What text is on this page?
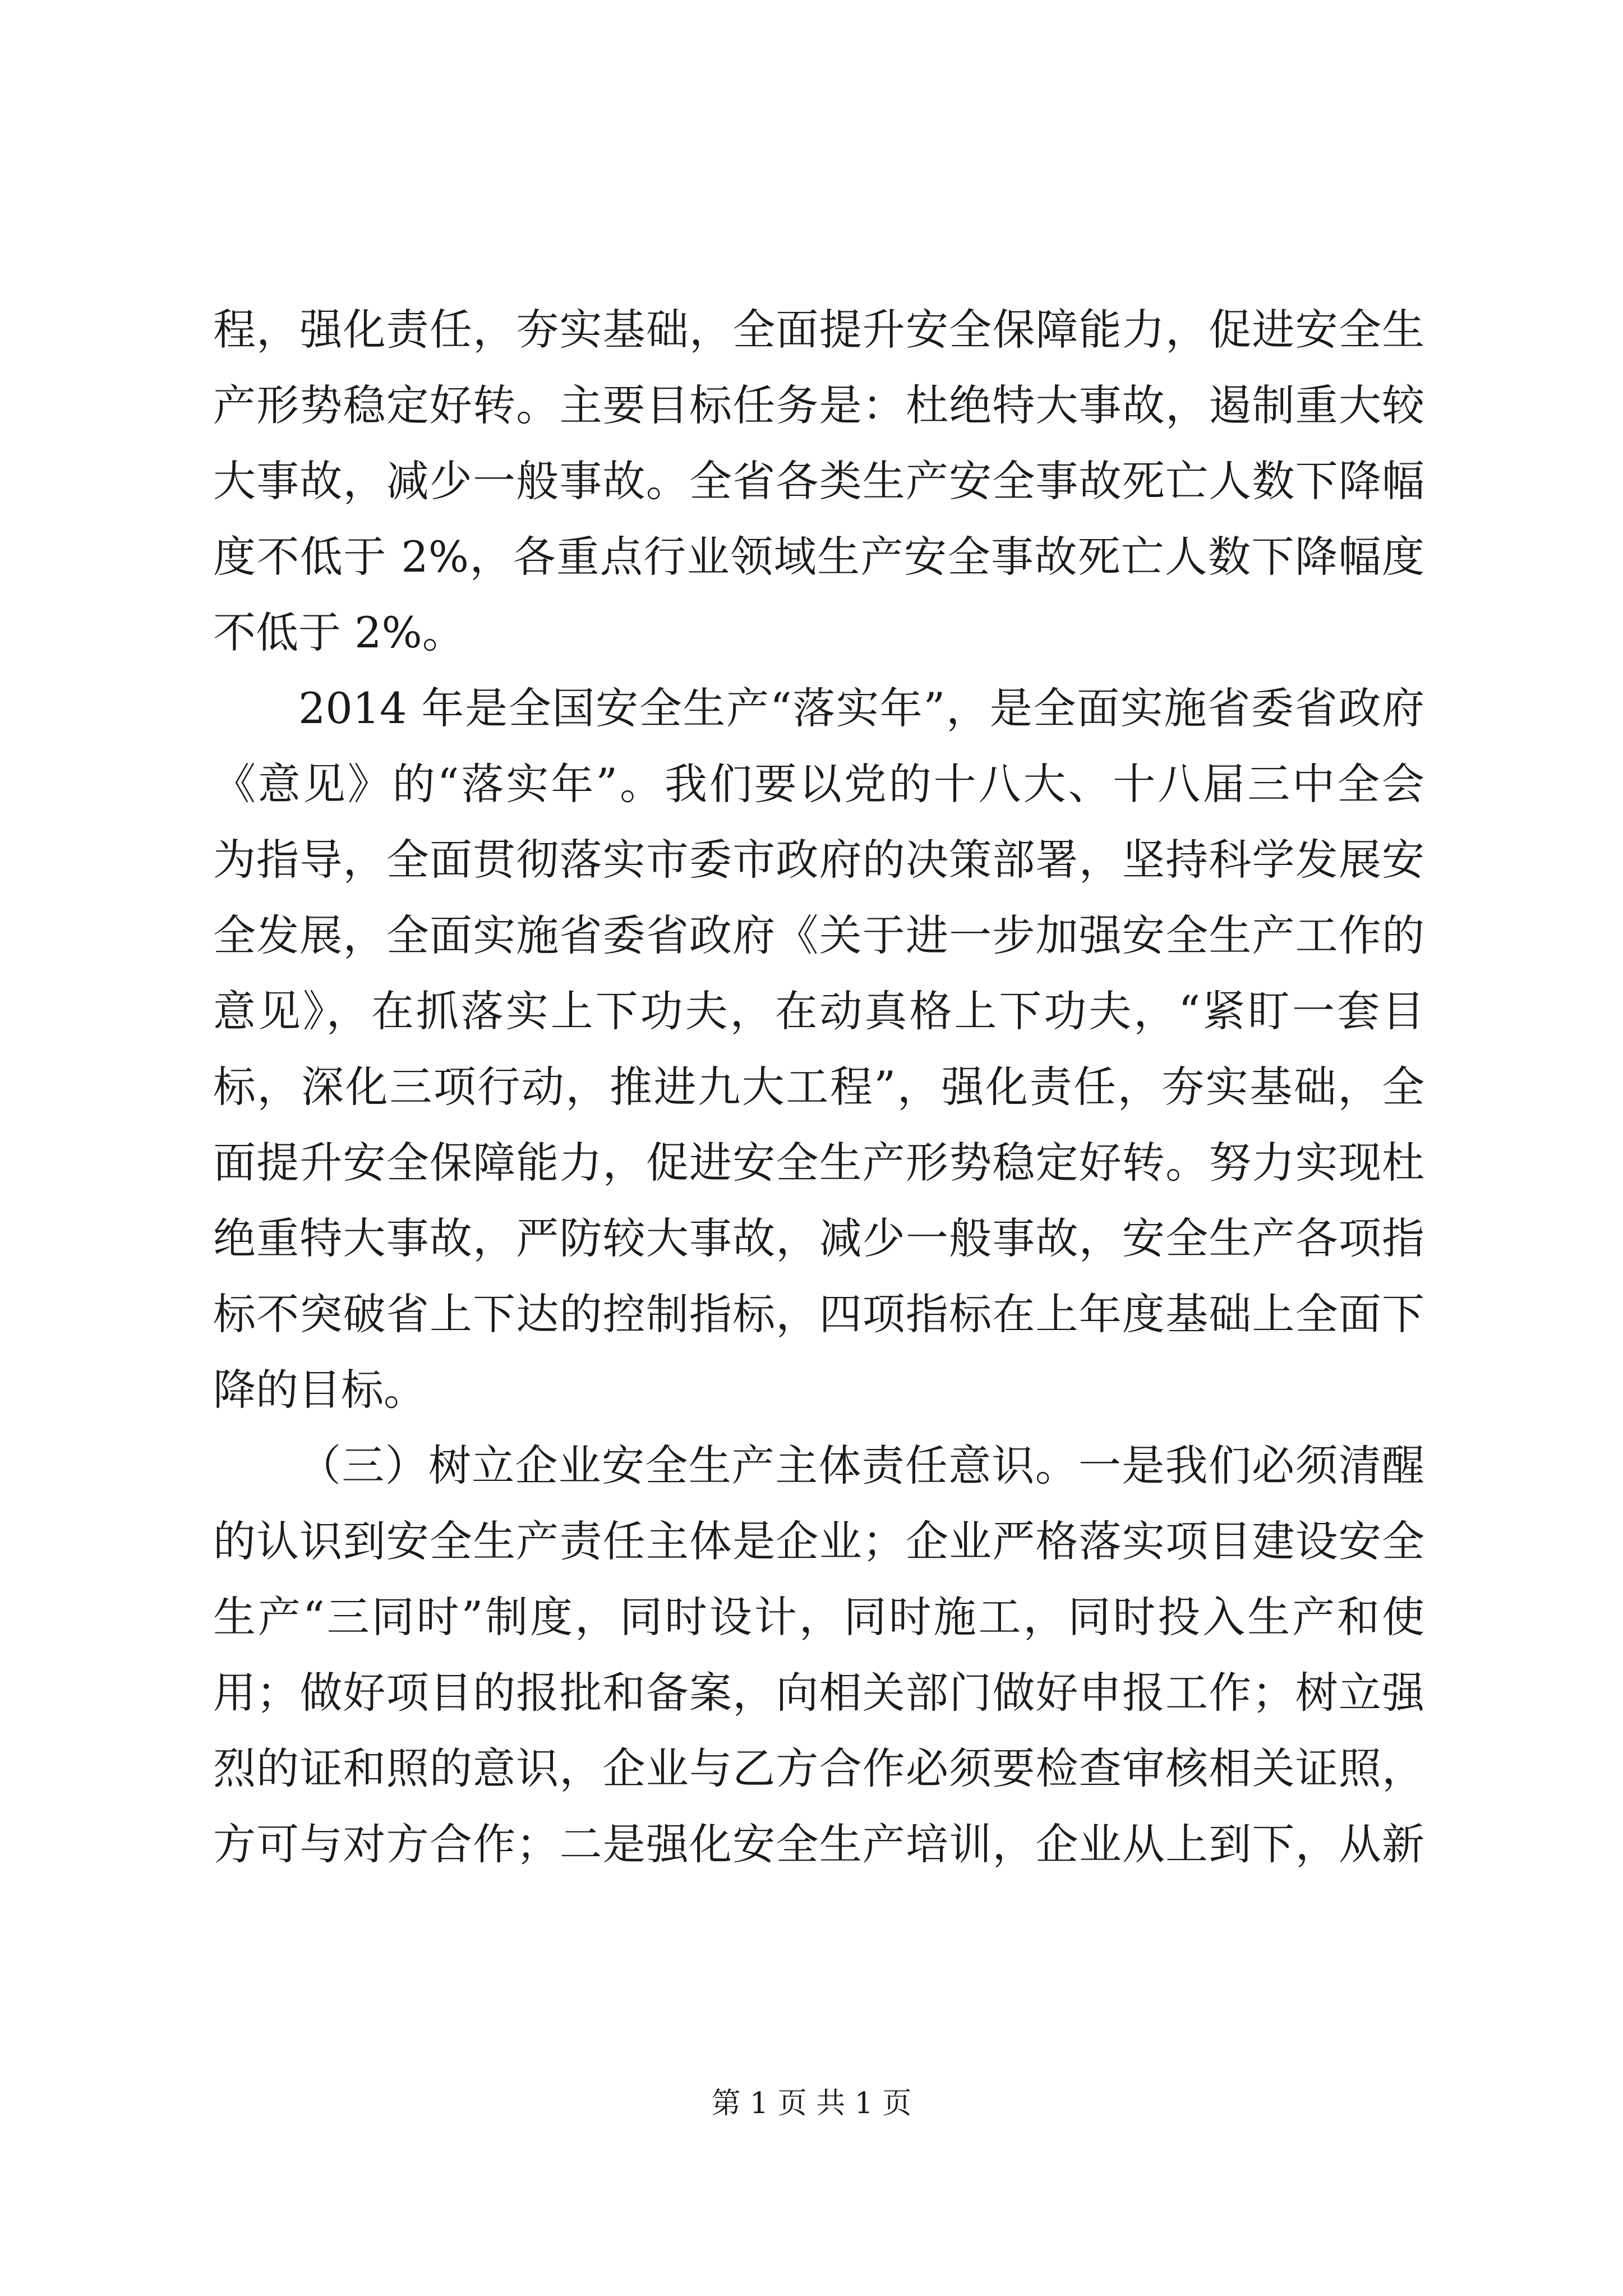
程，强化责任，夯实基础，全面提升安全保障能力，促进安全生
产形势稳定好转。主要目标任务是：杜绝特大事故，遏制重大较
大事故，减少一般事故。全省各类生产安全事故死亡人数下降幅
度不低于 2%，各重点行业领域生产安全事故死亡人数下降幅度
不低于 2%。
2014 年是全国安全生产“落实年”，是全面实施省委省政府
《意见》的“落实年”。我们要以党的十八大、十八届三中全会
为指导，全面贯彻落实市委市政府的决策部署，坚持科学发展安
全发展，全面实施省委省政府《关于进一步加强安全生产工作的
意见》，在抓落实上下功夫，在动真格上下功夫，“紧盯一套目
标，深化三项行动，推进九大工程”，强化责任，夯实基础，全
面提升安全保障能力，促进安全生产形势稳定好转。努力实现杜
绝重特大事故，严防较大事故，减少一般事故，安全生产各项指
标不突破省上下达的控制指标，四项指标在上年度基础上全面下
降的目标。
（三）树立企业安全生产主体责任意识。一是我们必须清醒
的认识到安全生产责任主体是企业；企业严格落实项目建设安全
生产“三同时”制度，同时设计，同时施工，同时投入生产和使
用；做好项目的报批和备案，向相关部门做好申报工作；树立强
烈的证和照的意识，企业与乙方合作必须要检查审核相关证照，
方可与对方合作；二是强化安全生产培训，企业从上到下，从新
第 1 页 共 1 页
